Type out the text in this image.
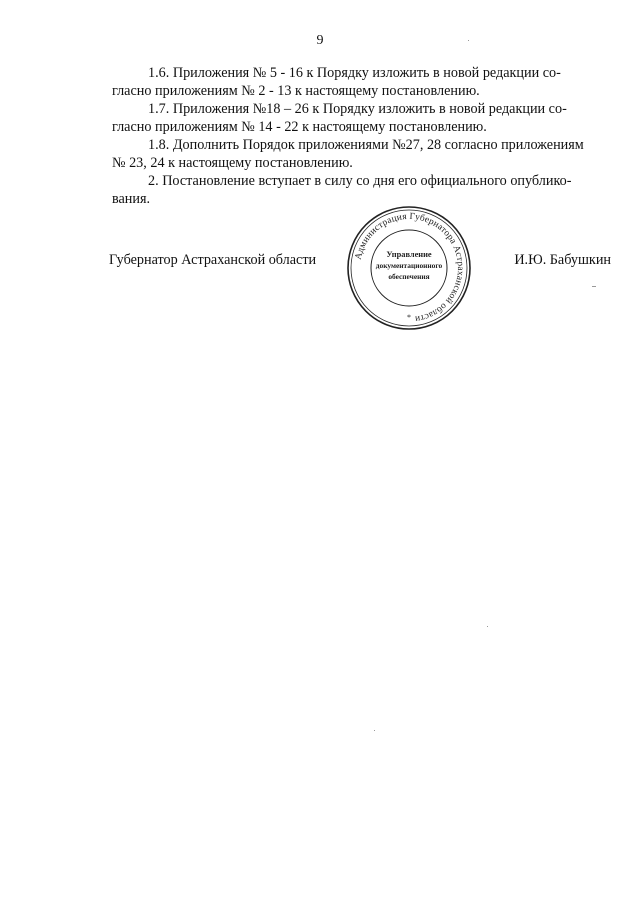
9

1.6. Приложения № 5 - 16 к Порядку изложить в новой редакции со-
гласно приложениям № 2 - 13 к настоящему постановлению.

1.7. Приложения №18 – 26 к Порядку изложить в новой редакции со-
гласно приложениям № 14 - 22 к настоящему постановлению.

1.8. Дополнить Порядок приложениями №27, 28 согласно приложениям
№ 23, 24 к настоящему постановлению.

2. Постановление вступает в силу со дня его официального опублико-
вания.

Губернатор Астраханской области	Администрация Губернатора Астраханской области
Управление
документационного
обеспечения
*
И.Ю. Бабушкин
